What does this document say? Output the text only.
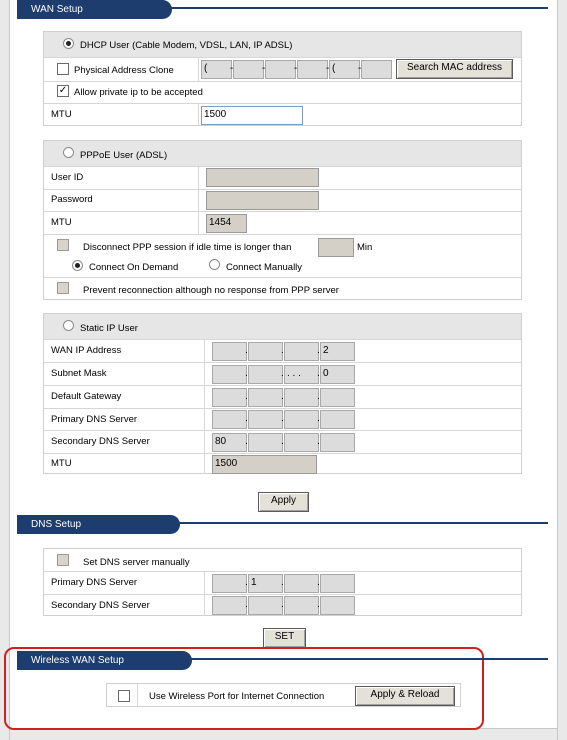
WAN Setup
DHCP User (Cable Modem, VDSL, LAN, IP ADSL)
Physical Address Clone	(	-	-	-	- (	-	Search MAC address
✓ Allow private ip to be accepted
MTU	1500
PPPoE User (ADSL)
User ID
Password
MTU	1454
Disconnect PPP session if idle time is longer than	Min
Connect On Demand	Connect Manually
Prevent reconnection although no response from PPP server
Static IP User
WAN IP Address	.	.	. 2
Subnet Mask	.	. . . .	. 0
Default Gateway	.	.	.
Primary DNS Server	.	.	.
Secondary DNS Server	80	.	.	.
MTU	1500
Apply
DNS Setup
Set DNS server manually
Primary DNS Server	. 1	.	.
Secondary DNS Server	.	.	.
SET
Wireless WAN Setup
Use Wireless Port for Internet Connection	Apply & Reload
